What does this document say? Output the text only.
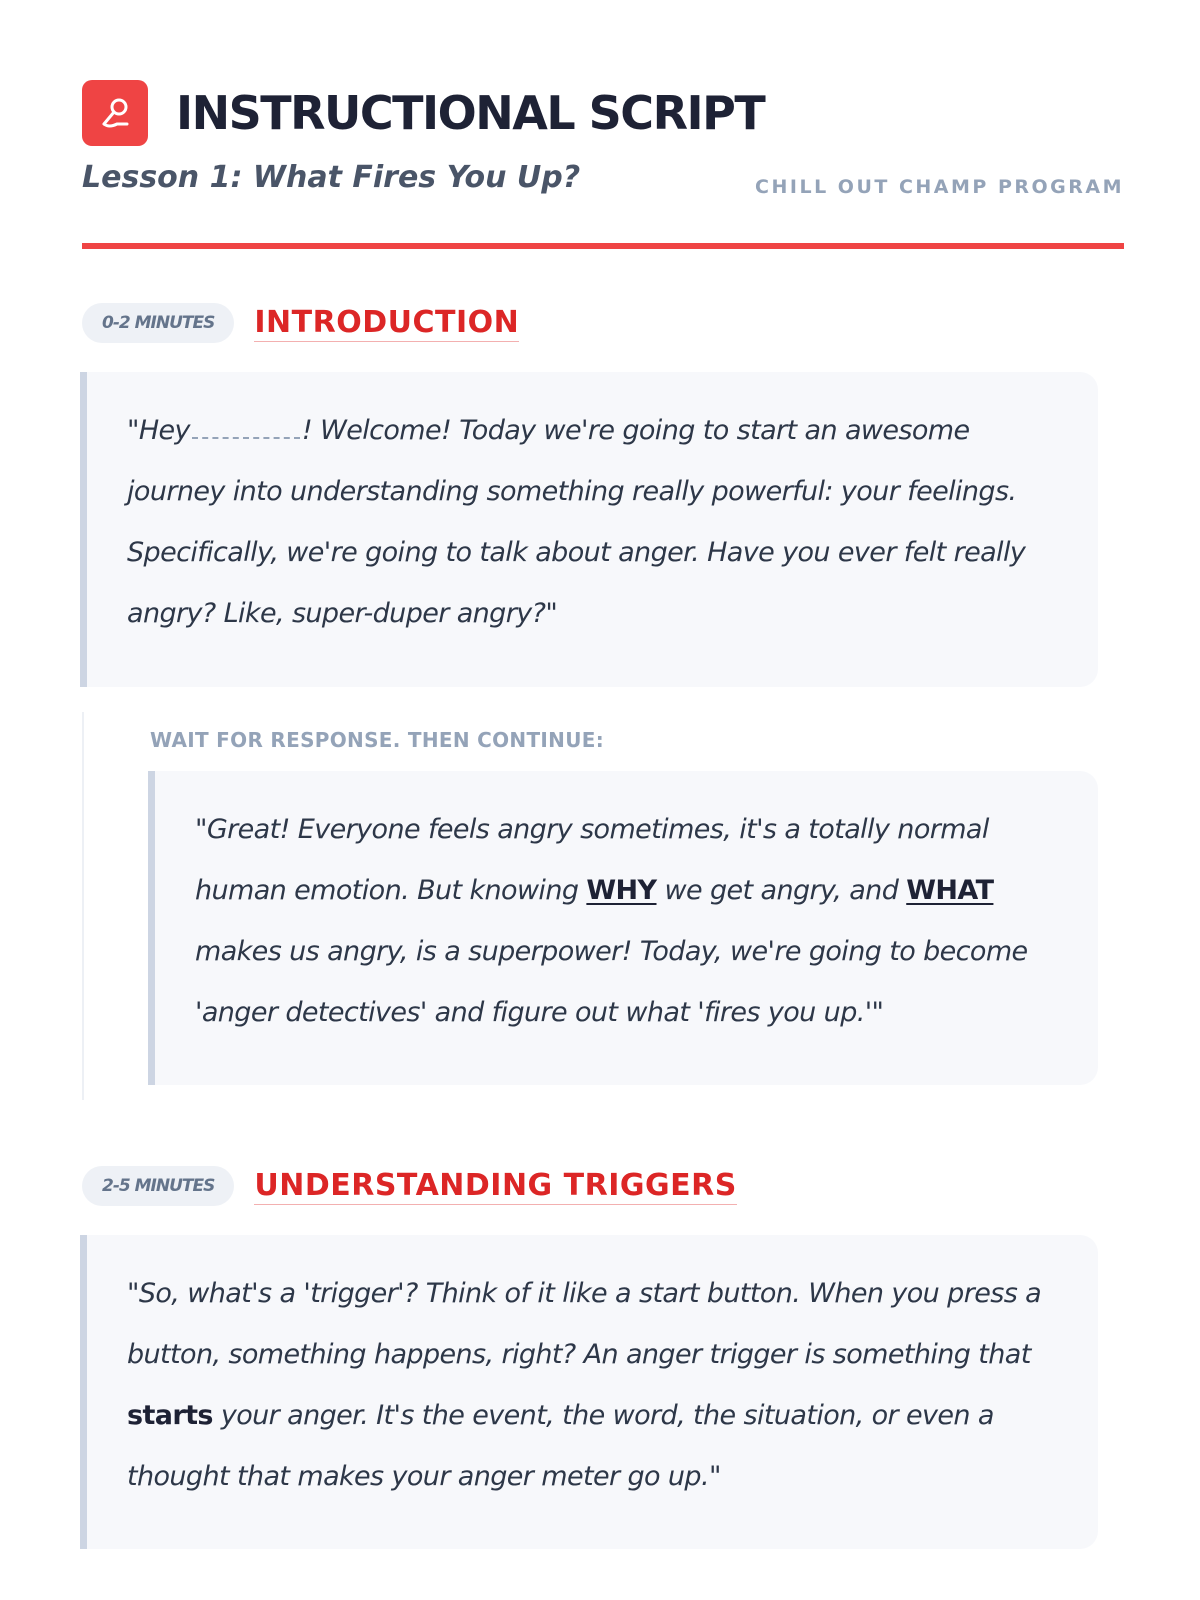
INSTRUCTIONAL SCRIPT
Lesson 1: What Fires You Up?	CHILL OUT CHAMP PROGRAM
0-2 MINUTES	INTRODUCTION
"Hey	! Welcome! Today we're going to start an awesome journey into understanding something really powerful: your feelings. Specifically, we're going to talk about anger. Have you ever felt really angry? Like, super-duper angry?"
WAIT FOR RESPONSE. THEN CONTINUE:
"Great! Everyone feels angry sometimes, it's a totally normal human emotion. But knowing WHY we get angry, and WHAT makes us angry, is a superpower! Today, we're going to become 'anger detectives' and figure out what 'fires you up.'"
2-5 MINUTES	UNDERSTANDING TRIGGERS
"So, what's a 'trigger'? Think of it like a start button. When you press a button, something happens, right? An anger trigger is something that starts your anger. It's the event, the word, the situation, or even a thought that makes your anger meter go up."
